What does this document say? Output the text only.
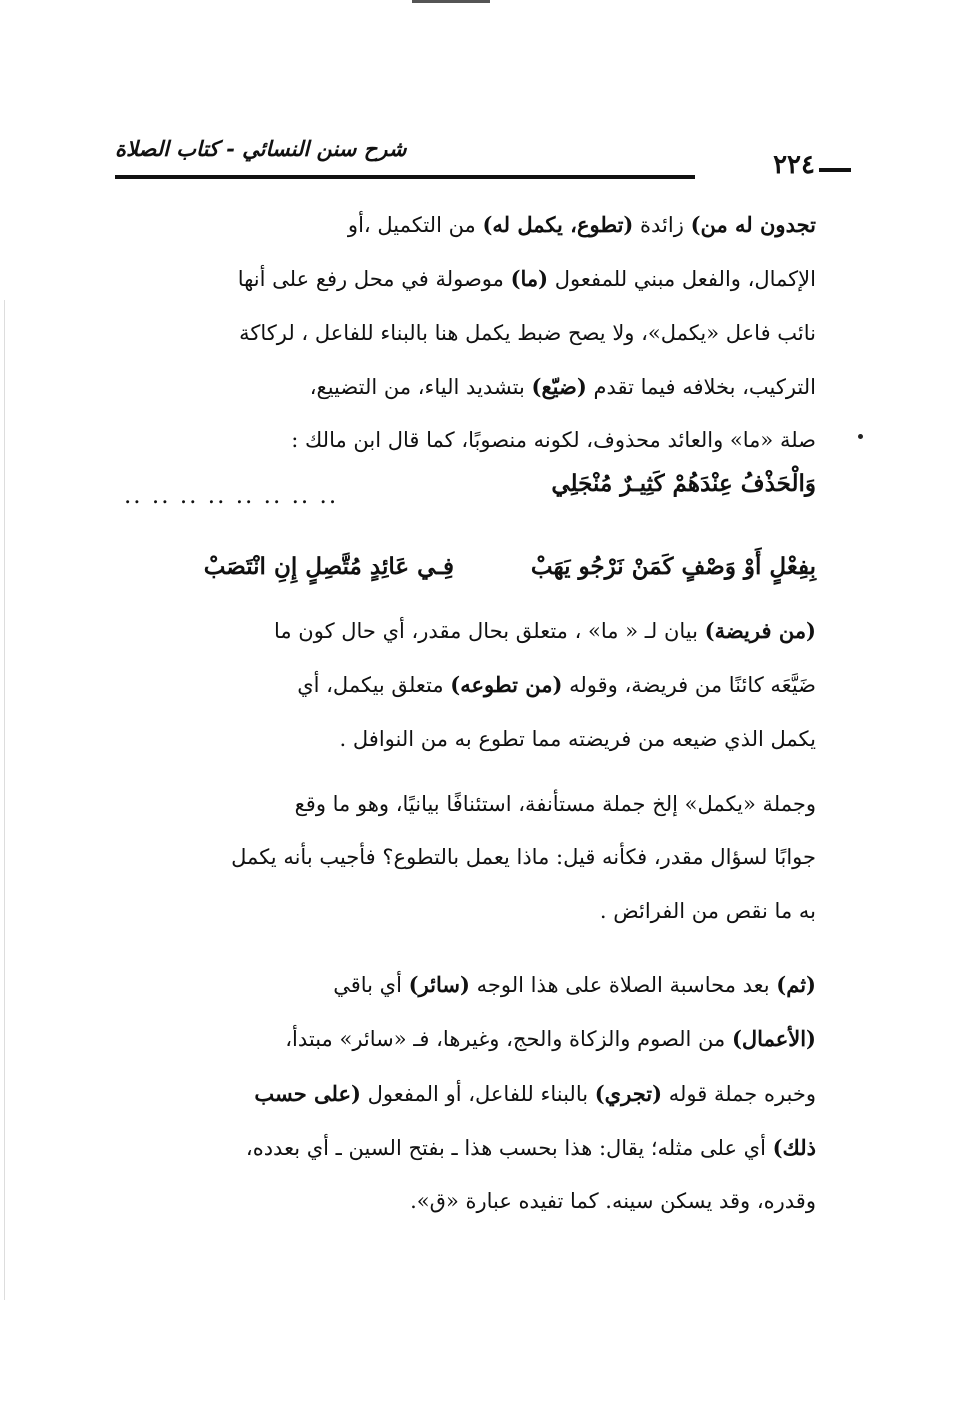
٢٢٤
شرح سنن النسائي - كتاب الصلاة

تجدون له من) زائدة (تطوع، يكمل له) من التكميل ،أو

الإكمال، والفعل مبني للمفعول (ما) موصولة في محل رفع على أنها

نائب فاعل «يكمل»، ولا يصح ضبط يكمل هنا بالبناء للفاعل ، لركاكة

التركيب، بخلافه فيما تقدم (ضيّع) بتشديد الياء، من التضييع،

صلة «ما» والعائد محذوف، لكونه منصوبًا، كما قال ابن مالك :

وَالْحَذْفُ عِنْدَهُمْ كَثِيـرٌ مُنْجَلِي
.. .. .. .. .. .. .. ..
فِـي عَائِدٍ مُتَّصِلٍ إِنِ انْتَصَبْ	بِفِعْلٍ أَوْ وَصْفٍ كَمَنْ نَرْجُو يَهَبْ

(من فريضة) بيان لـ « ما» ، متعلق بحال مقدر، أي حال كون ما

ضَيَّعَه كائنًا من فريضة، وقوله (من تطوعه) متعلق بيكمل، أي

يكمل الذي ضيعه من فريضته مما تطوع به من النوافل .

وجملة «يكمل» إلخ جملة مستأنفة، استئنافًا بيانيًا، وهو ما وقع

جوابًا لسؤال مقدر، فكأنه قيل: ماذا يعمل بالتطوع؟ فأجيب بأنه يكمل

به ما نقص من الفرائض .

(ثم) بعد محاسبة الصلاة على هذا الوجه (سائر) أي باقي

(الأعمال) من الصوم والزكاة والحج، وغيرها، فـ «سائر» مبتدأ،

وخبره جملة قوله (تجري) بالبناء للفاعل، أو المفعول (على حسب

ذلك) أي على مثله؛ يقال: هذا بحسب هذا ـ بفتح السين ـ أي بعدده،

وقدره، وقد يسكن سينه. كما تفيده عبارة «ق».
